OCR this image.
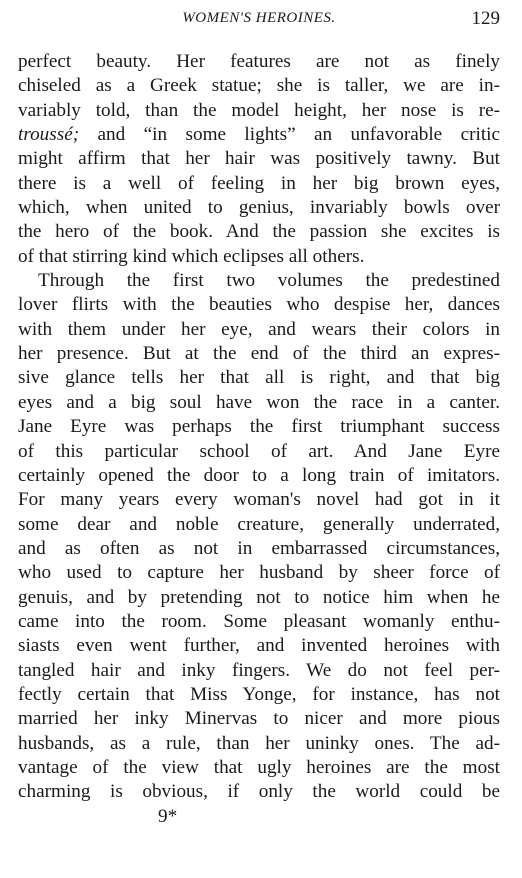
WOMEN'S HEROINES.	129
perfect beauty. Her features are not as finely
chiseled as a Greek statue; she is taller, we are in-
variably told, than the model height, her nose is re-
troussé; and “in some lights” an unfavorable critic
might affirm that her hair was positively tawny. But
there is a well of feeling in her big brown eyes,
which, when united to genius, invariably bowls over
the hero of the book. And the passion she excites is
of that stirring kind which eclipses all others.
Through the first two volumes the predestined
lover flirts with the beauties who despise her, dances
with them under her eye, and wears their colors in
her presence. But at the end of the third an expres-
sive glance tells her that all is right, and that big
eyes and a big soul have won the race in a canter.
Jane Eyre was perhaps the first triumphant success
of this particular school of art. And Jane Eyre
certainly opened the door to a long train of imitators.
For many years every woman's novel had got in it
some dear and noble creature, generally underrated,
and as often as not in embarrassed circumstances,
who used to capture her husband by sheer force of
genuis, and by pretending not to notice him when he
came into the room. Some pleasant womanly enthu-
siasts even went further, and invented heroines with
tangled hair and inky fingers. We do not feel per-
fectly certain that Miss Yonge, for instance, has not
married her inky Minervas to nicer and more pious
husbands, as a rule, than her uninky ones. The ad-
vantage of the view that ugly heroines are the most
charming is obvious, if only the world could be
9*
